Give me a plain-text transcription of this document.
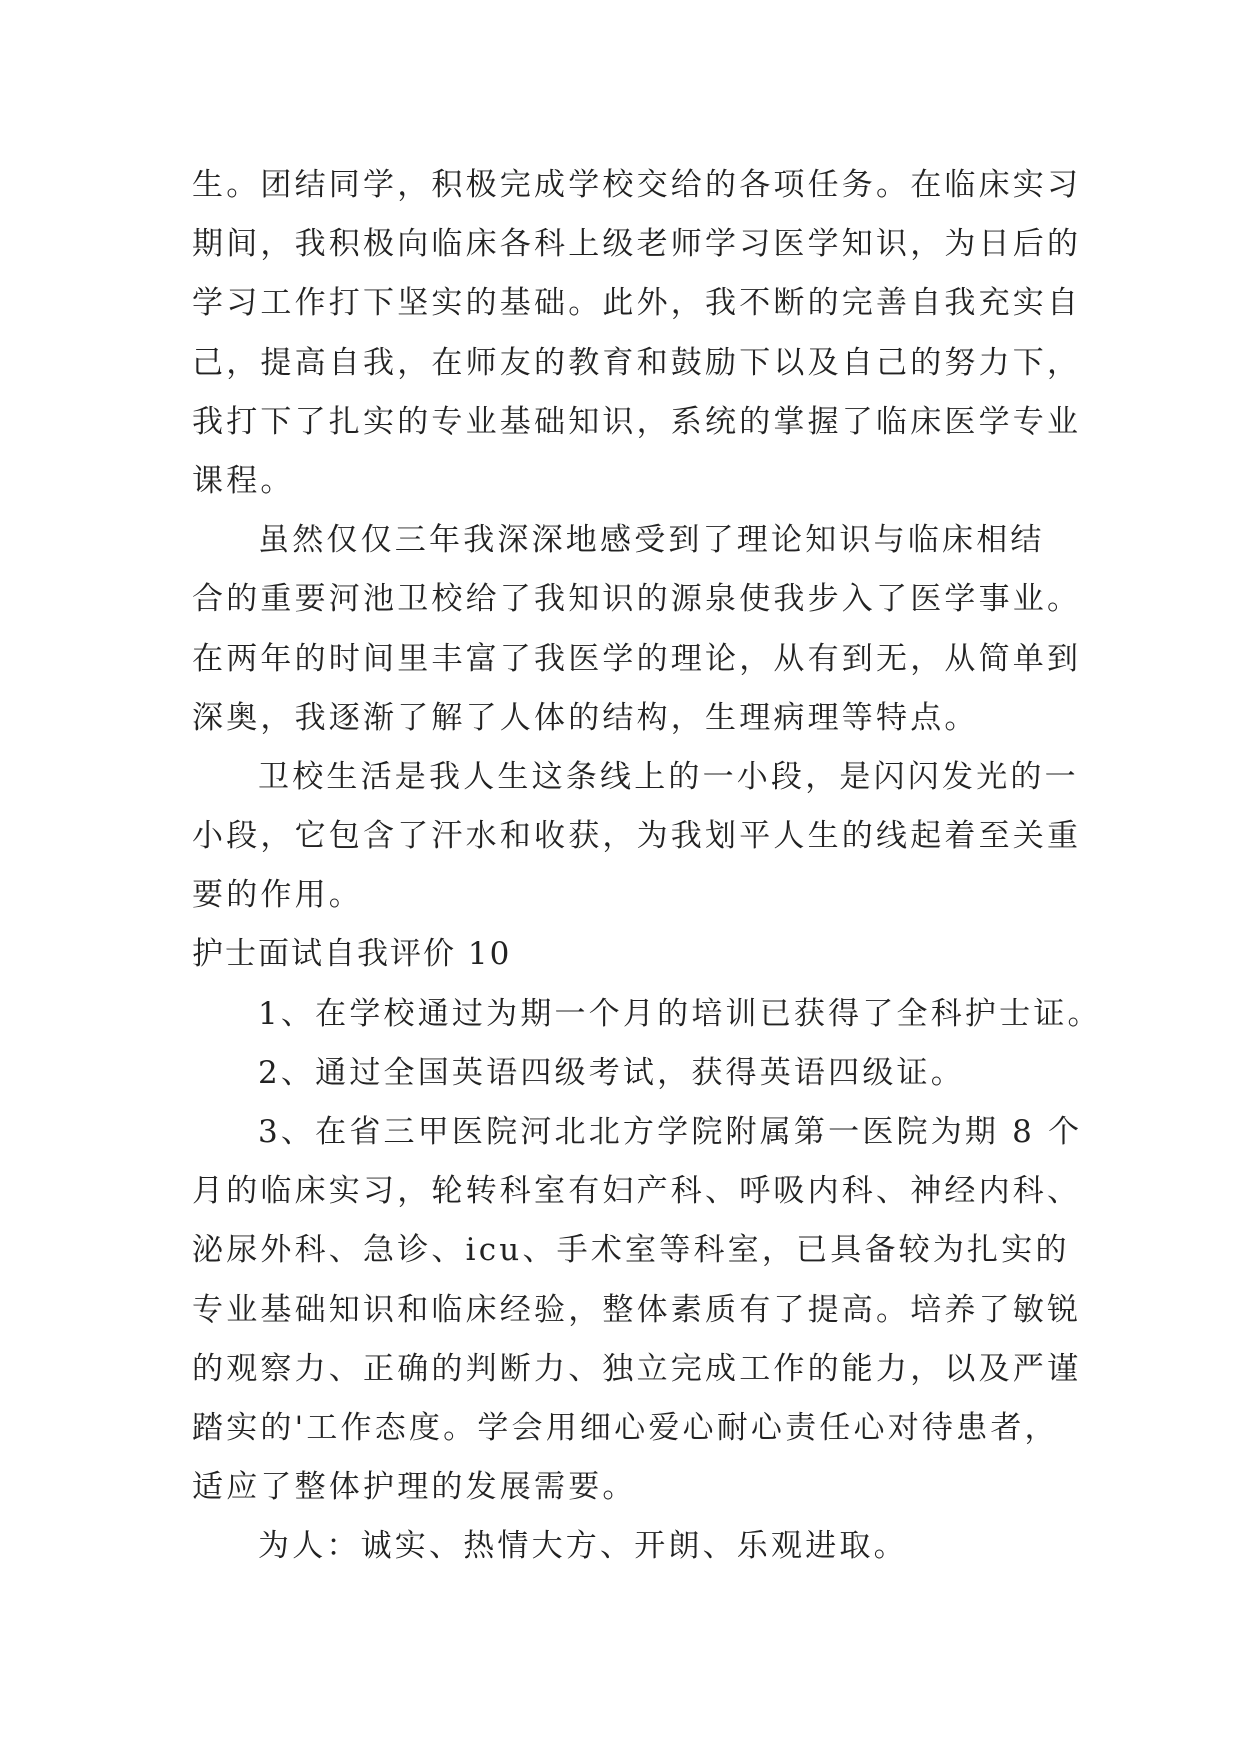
生。团结同学，积极完成学校交给的各项任务。在临床实习
期间，我积极向临床各科上级老师学习医学知识，为日后的
学习工作打下坚实的基础。此外，我不断的完善自我充实自
己，提高自我，在师友的教育和鼓励下以及自己的努力下，
我打下了扎实的专业基础知识，系统的掌握了临床医学专业
课程。
虽然仅仅三年我深深地感受到了理论知识与临床相结
合的重要河池卫校给了我知识的源泉使我步入了医学事业。
在两年的时间里丰富了我医学的理论，从有到无，从简单到
深奥，我逐渐了解了人体的结构，生理病理等特点。
卫校生活是我人生这条线上的一小段，是闪闪发光的一
小段，它包含了汗水和收获，为我划平人生的线起着至关重
要的作用。
护士面试自我评价 10
1、在学校通过为期一个月的培训已获得了全科护士证。
2、通过全国英语四级考试，获得英语四级证。
3、在省三甲医院河北北方学院附属第一医院为期 8 个
月的临床实习，轮转科室有妇产科、呼吸内科、神经内科、
泌尿外科、急诊、icu、手术室等科室，已具备较为扎实的
专业基础知识和临床经验，整体素质有了提高。培养了敏锐
的观察力、正确的判断力、独立完成工作的能力，以及严谨
踏实的'工作态度。学会用细心爱心耐心责任心对待患者，
适应了整体护理的发展需要。
为人：诚实、热情大方、开朗、乐观进取。
